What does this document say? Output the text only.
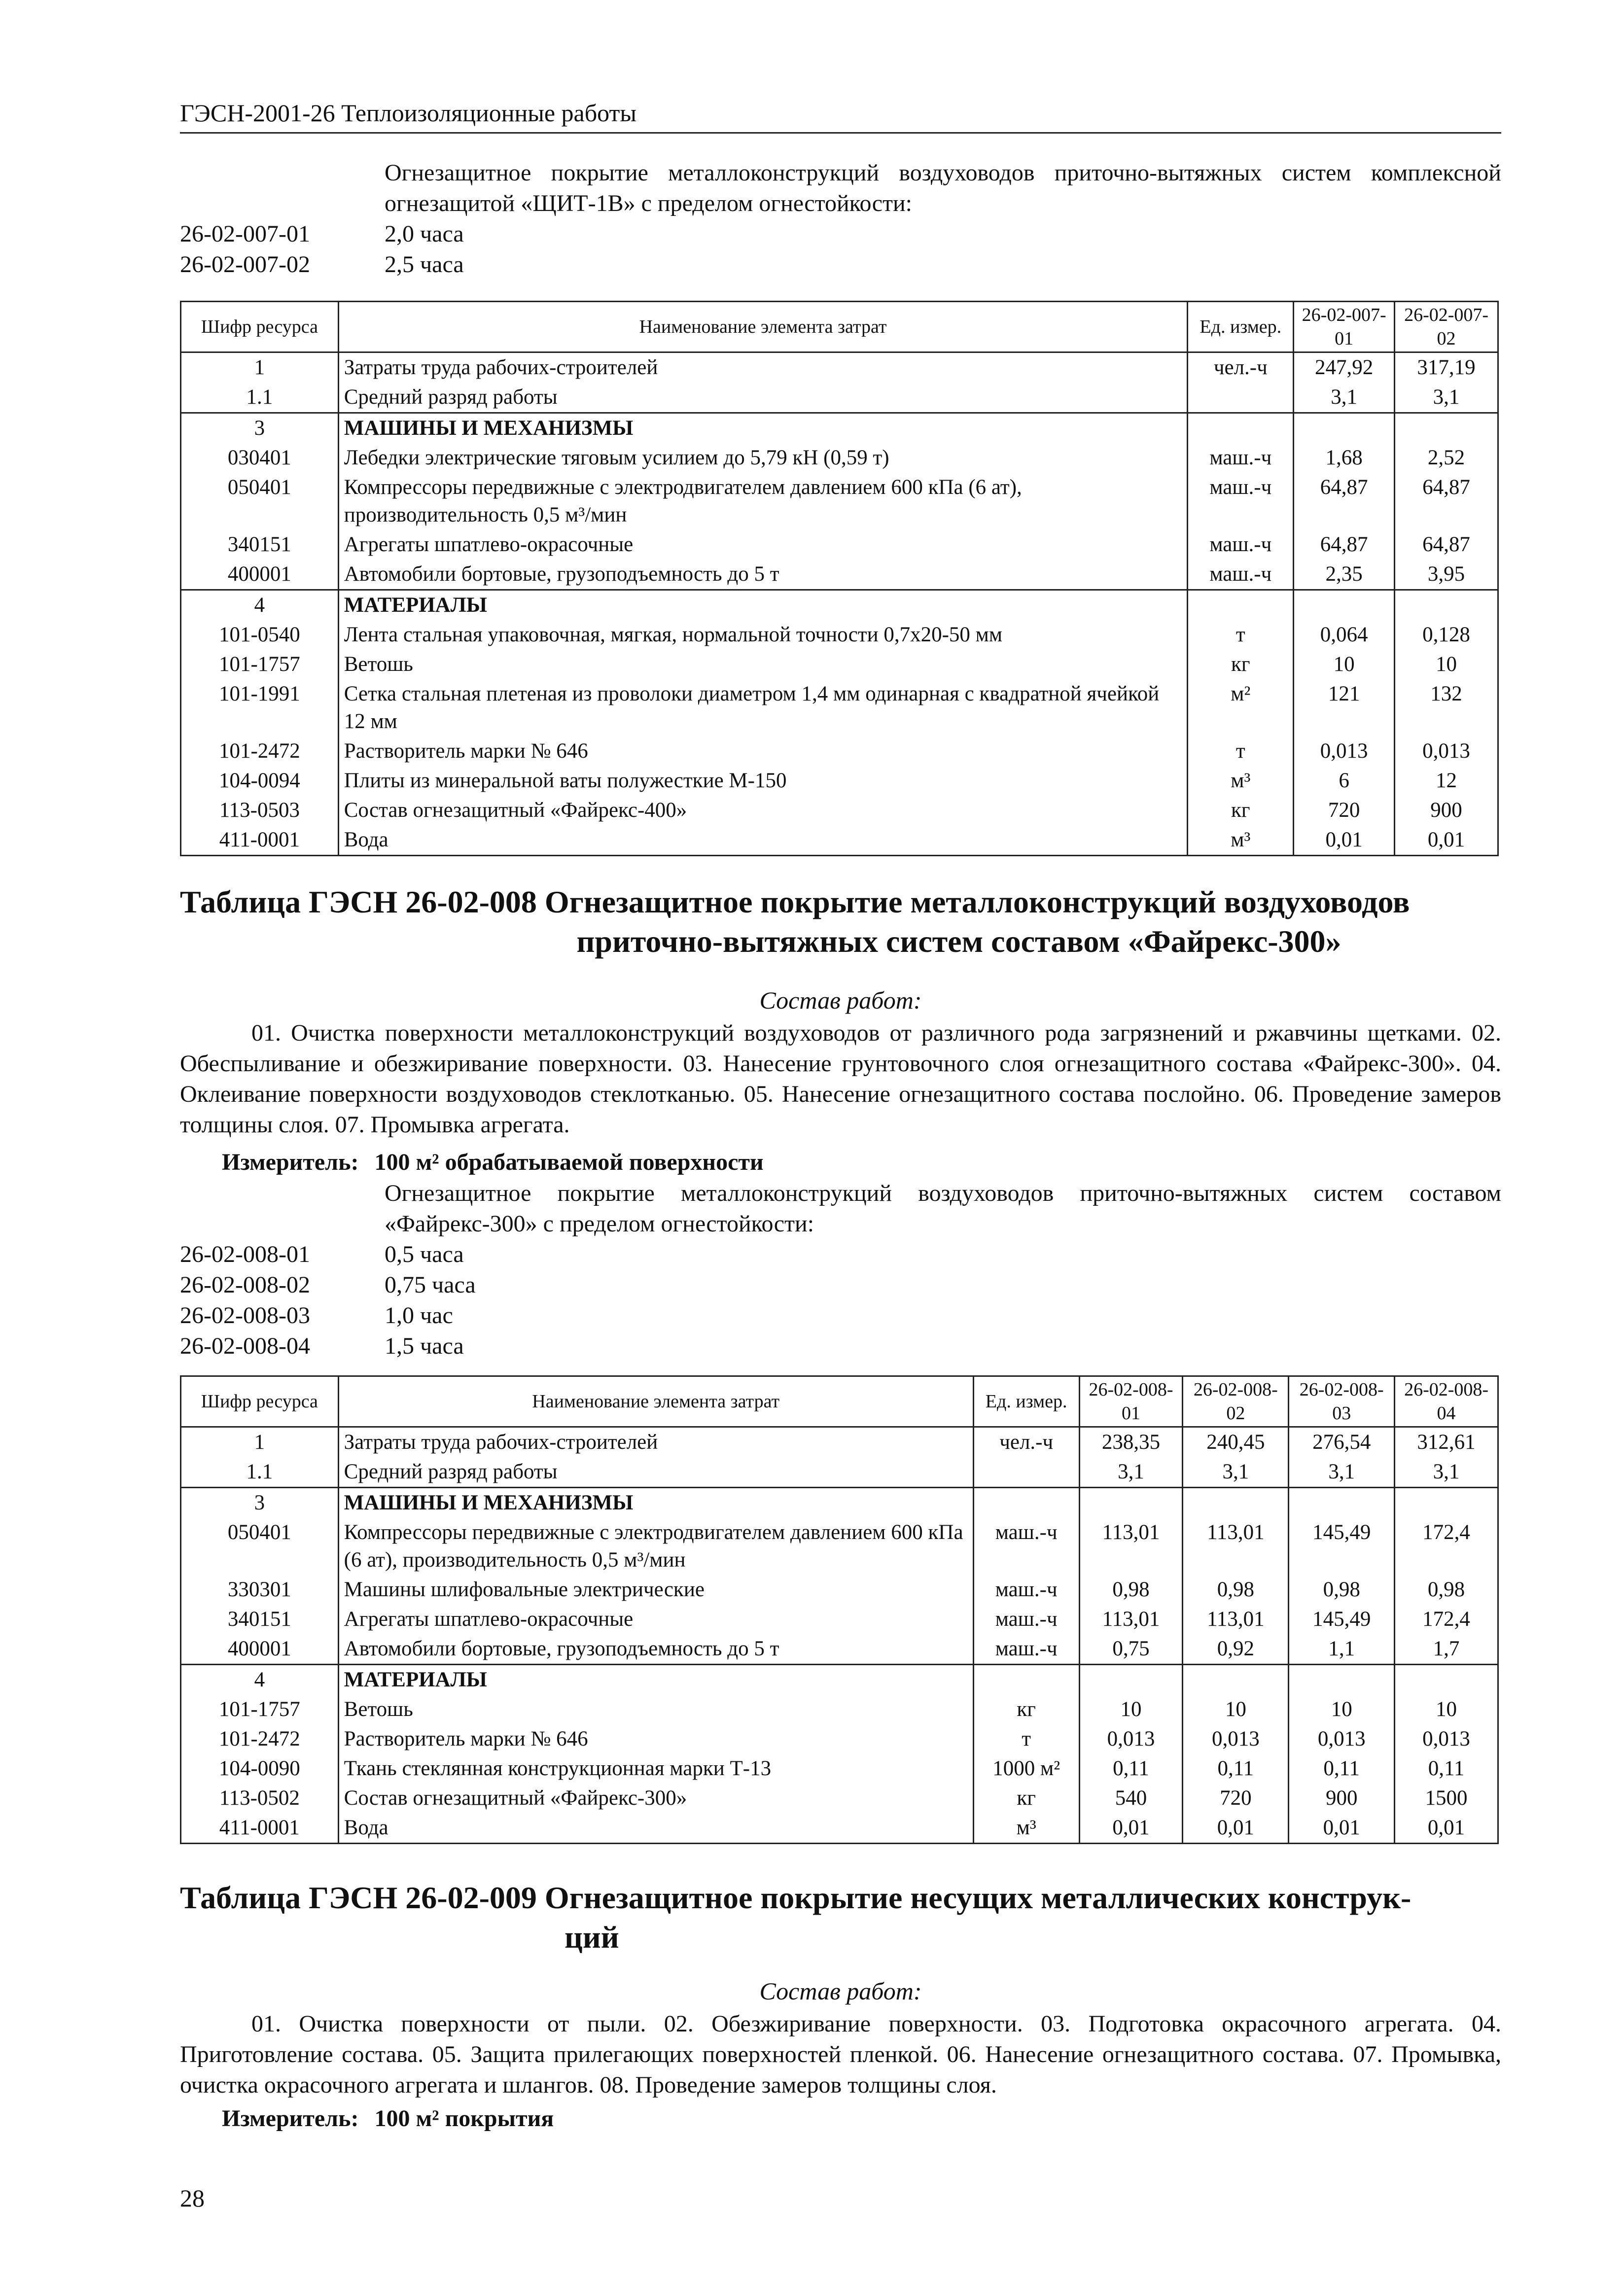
ГЭСН-2001-26 Теплоизоляционные работы
Огнезащитное покрытие металлоконструкций воздуховодов приточно-вытяжных систем комплексной огнезащитой «ЩИТ-1В» с пределом огнестойкости:
26-02-007-01	2,0 часа
26-02-007-02	2,5 часа
Шифр ресурса	Наименование элемента затрат	Ед. измер.	26-02-007-01	26-02-007-02
1	Затраты труда рабочих-строителей	чел.-ч	247,92	317,19
1.1	Средний разряд работы		3,1	3,1
3	МАШИНЫ И МЕХАНИЗМЫ			
030401	Лебедки электрические тяговым усилием до 5,79 кН (0,59 т)	маш.-ч	1,68	2,52
050401	Компрессоры передвижные с электродвигателем давлением 600 кПа (6 ат), производительность 0,5 м³/мин	маш.-ч	64,87	64,87
340151	Агрегаты шпатлево-окрасочные	маш.-ч	64,87	64,87
400001	Автомобили бортовые, грузоподъемность до 5 т	маш.-ч	2,35	3,95
4	МАТЕРИАЛЫ			
101-0540	Лента стальная упаковочная, мягкая, нормальной точности 0,7х20-50 мм	т	0,064	0,128
101-1757	Ветошь	кг	10	10
101-1991	Сетка стальная плетеная из проволоки диаметром 1,4 мм одинарная с квадратной ячейкой 12 мм	м²	121	132
101-2472	Растворитель марки № 646	т	0,013	0,013
104-0094	Плиты из минеральной ваты полужесткие М-150	м³	6	12
113-0503	Состав огнезащитный «Файрекс-400»	кг	720	900
411-0001	Вода	м³	0,01	0,01
Таблица ГЭСН 26-02-008 Огнезащитное покрытие металлоконструкций воздуховодов
приточно-вытяжных систем составом «Файрекс-300»
Состав работ:
01. Очистка поверхности металлоконструкций воздуховодов от различного рода загрязнений и ржавчины щетками. 02. Обеспыливание и обезжиривание поверхности. 03. Нанесение грунтовочного слоя огнезащитного состава «Файрекс-300». 04. Оклеивание поверхности воздуховодов стеклотканью. 05. Нанесение огнезащитного состава послойно. 06. Проведение замеров толщины слоя. 07. Промывка агрегата.
Измеритель: 100 м² обрабатываемой поверхности
Огнезащитное покрытие металлоконструкций воздуховодов приточно-вытяжных систем составом «Файрекс-300» с пределом огнестойкости:
26-02-008-01	0,5 часа
26-02-008-02	0,75 часа
26-02-008-03	1,0 час
26-02-008-04	1,5 часа
Шифр ресурса	Наименование элемента затрат	Ед. измер.	26-02-008-01	26-02-008-02	26-02-008-03	26-02-008-04
1	Затраты труда рабочих-строителей	чел.-ч	238,35	240,45	276,54	312,61
1.1	Средний разряд работы		3,1	3,1	3,1	3,1
3	МАШИНЫ И МЕХАНИЗМЫ					
050401	Компрессоры передвижные с электродвигателем давлением 600 кПа (6 ат), производительность 0,5 м³/мин	маш.-ч	113,01	113,01	145,49	172,4
330301	Машины шлифовальные электрические	маш.-ч	0,98	0,98	0,98	0,98
340151	Агрегаты шпатлево-окрасочные	маш.-ч	113,01	113,01	145,49	172,4
400001	Автомобили бортовые, грузоподъемность до 5 т	маш.-ч	0,75	0,92	1,1	1,7
4	МАТЕРИАЛЫ					
101-1757	Ветошь	кг	10	10	10	10
101-2472	Растворитель марки № 646	т	0,013	0,013	0,013	0,013
104-0090	Ткань стеклянная конструкционная марки Т-13	1000 м²	0,11	0,11	0,11	0,11
113-0502	Состав огнезащитный «Файрекс-300»	кг	540	720	900	1500
411-0001	Вода	м³	0,01	0,01	0,01	0,01
Таблица ГЭСН 26-02-009 Огнезащитное покрытие несущих металлических конструк-
ций
Состав работ:
01. Очистка поверхности от пыли. 02. Обезжиривание поверхности. 03. Подготовка окрасочного агрегата. 04. Приготовление состава. 05. Защита прилегающих поверхностей пленкой. 06. Нанесение огнезащитного состава. 07. Промывка, очистка окрасочного агрегата и шлангов. 08. Проведение замеров толщины слоя.
Измеритель: 100 м² покрытия
28
